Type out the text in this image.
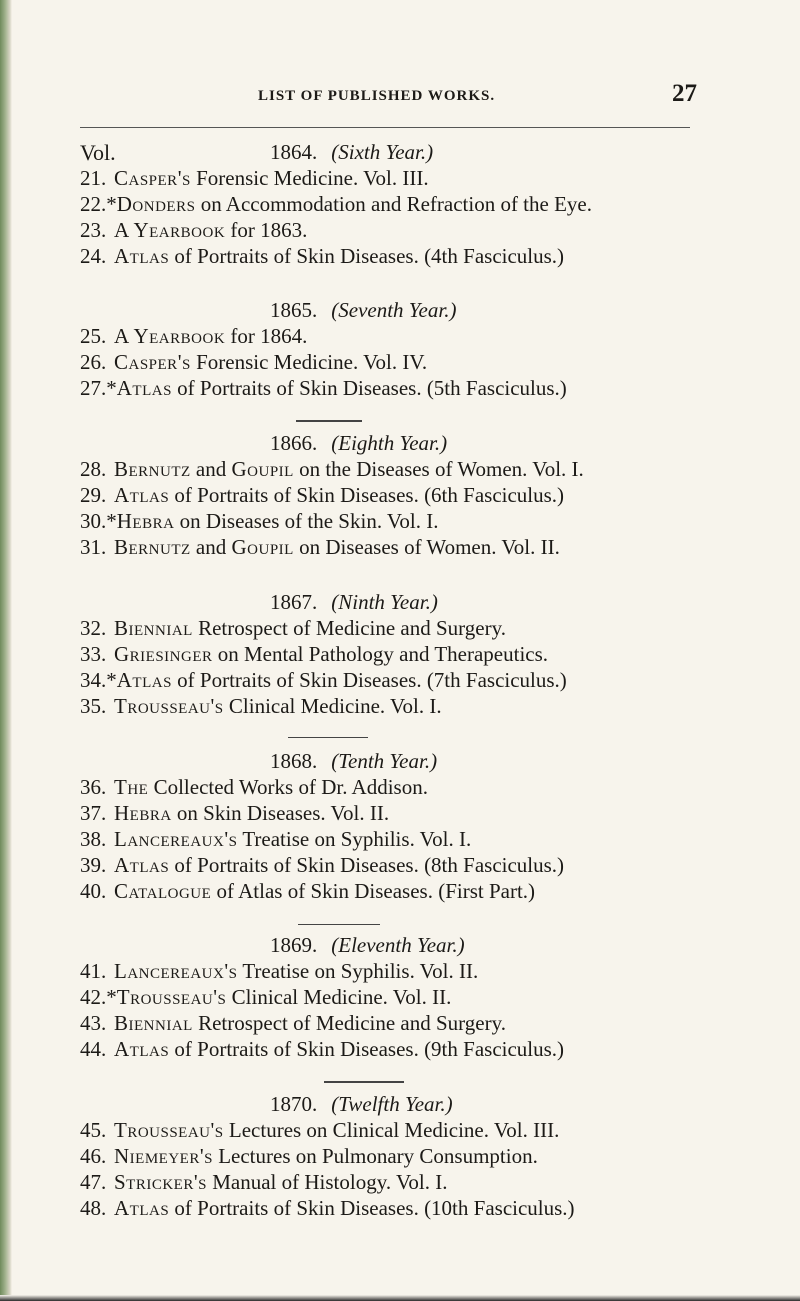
LIST OF PUBLISHED WORKS.	27
Vol.	1864. (Sixth Year.)
21. Casper's Forensic Medicine. Vol. III.
22.*Donders on Accommodation and Refraction of the Eye.
23. A Yearbook for 1863.
24. Atlas of Portraits of Skin Diseases. (4th Fasciculus.)
1865. (Seventh Year.)
25. A Yearbook for 1864.
26. Casper's Forensic Medicine. Vol. IV.
27.*Atlas of Portraits of Skin Diseases. (5th Fasciculus.)
1866. (Eighth Year.)
28. Bernutz and Goupil on the Diseases of Women. Vol. I.
29. Atlas of Portraits of Skin Diseases. (6th Fasciculus.)
30.*Hebra on Diseases of the Skin. Vol. I.
31. Bernutz and Goupil on Diseases of Women. Vol. II.
1867. (Ninth Year.)
32. Biennial Retrospect of Medicine and Surgery.
33. Griesinger on Mental Pathology and Therapeutics.
34.*Atlas of Portraits of Skin Diseases. (7th Fasciculus.)
35. Trousseau's Clinical Medicine. Vol. I.
1868. (Tenth Year.)
36. The Collected Works of Dr. Addison.
37. Hebra on Skin Diseases. Vol. II.
38. Lancereaux's Treatise on Syphilis. Vol. I.
39. Atlas of Portraits of Skin Diseases. (8th Fasciculus.)
40. Catalogue of Atlas of Skin Diseases. (First Part.)
1869. (Eleventh Year.)
41. Lancereaux's Treatise on Syphilis. Vol. II.
42.*Trousseau's Clinical Medicine. Vol. II.
43. Biennial Retrospect of Medicine and Surgery.
44. Atlas of Portraits of Skin Diseases. (9th Fasciculus.)
1870. (Twelfth Year.)
45. Trousseau's Lectures on Clinical Medicine. Vol. III.
46. Niemeyer's Lectures on Pulmonary Consumption.
47. Stricker's Manual of Histology. Vol. I.
48. Atlas of Portraits of Skin Diseases. (10th Fasciculus.)
